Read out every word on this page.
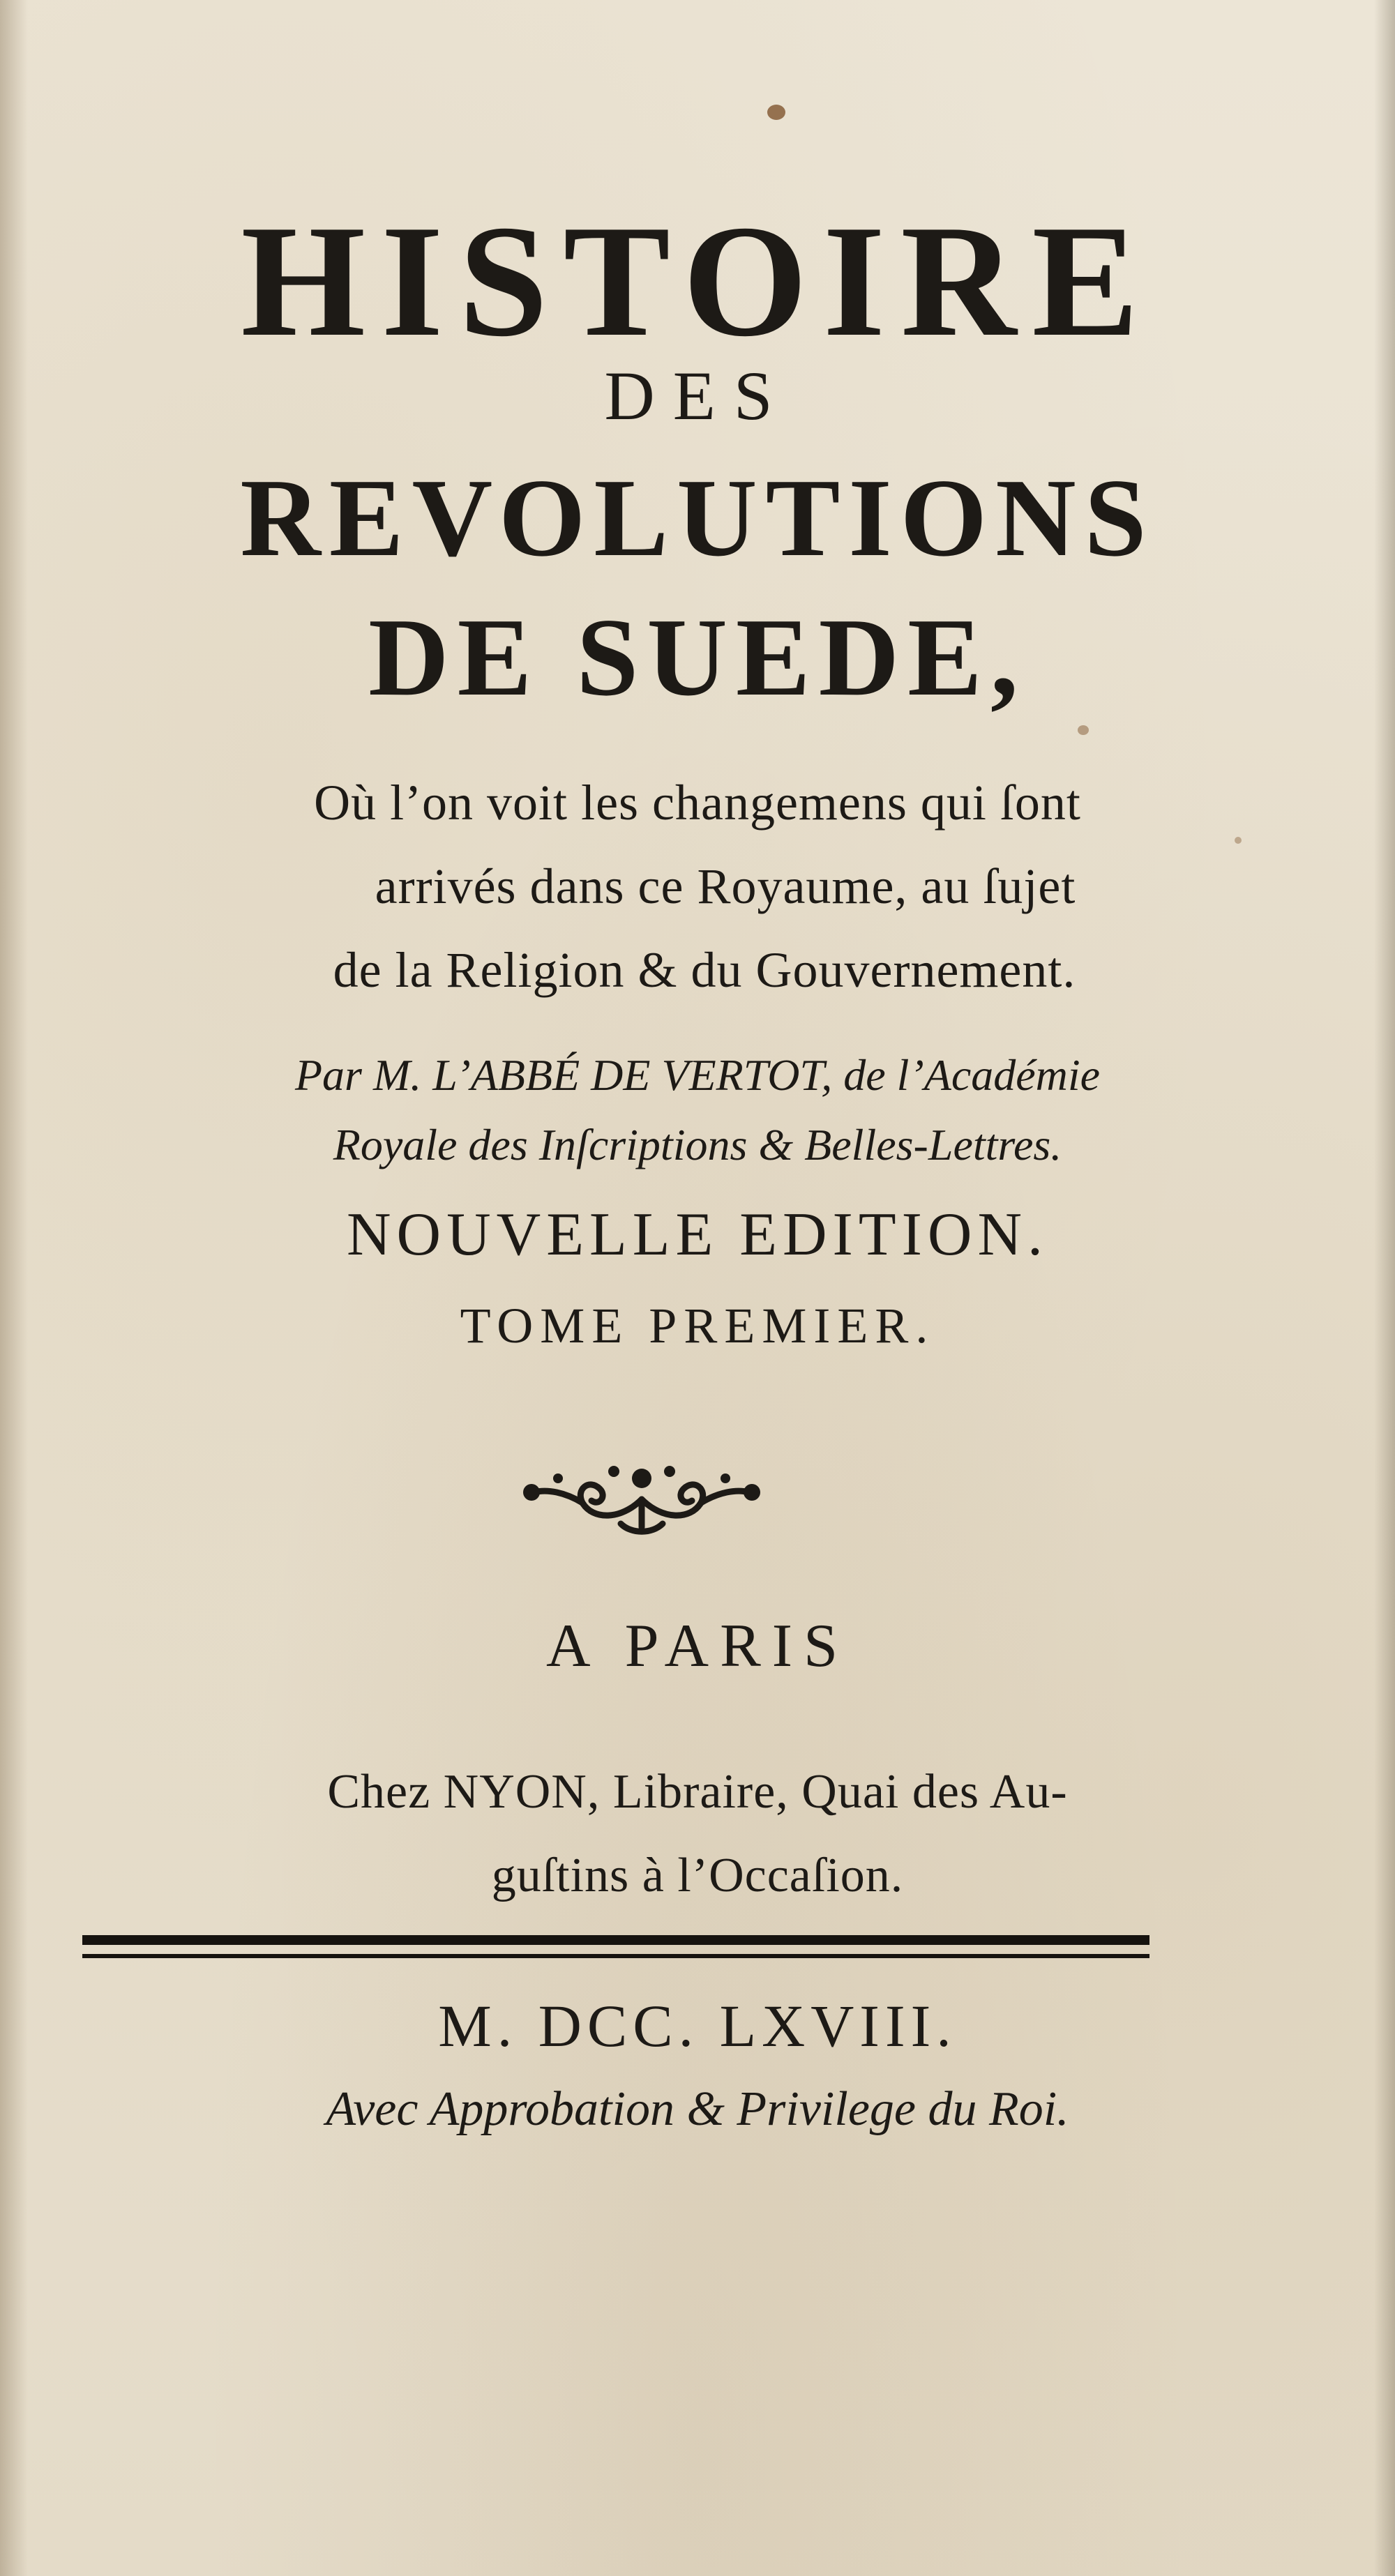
HISTOIRE

DES

REVOLUTIONS

DE SUEDE,

Où l’on voit les changemens qui ſont

arrivés dans ce Royaume, au ſujet

de la Religion & du Gouvernement.

Par M. L’ABBÉ DE VERTOT, de l’Académie

Royale des Inſcriptions & Belles-Lettres.

NOUVELLE EDITION.

TOME PREMIER.

A PARIS

Chez NYON, Libraire, Quai des Au-

guſtins à l’Occaſion.

M. DCC. LXVIII.

Avec Approbation & Privilege du Roi.
